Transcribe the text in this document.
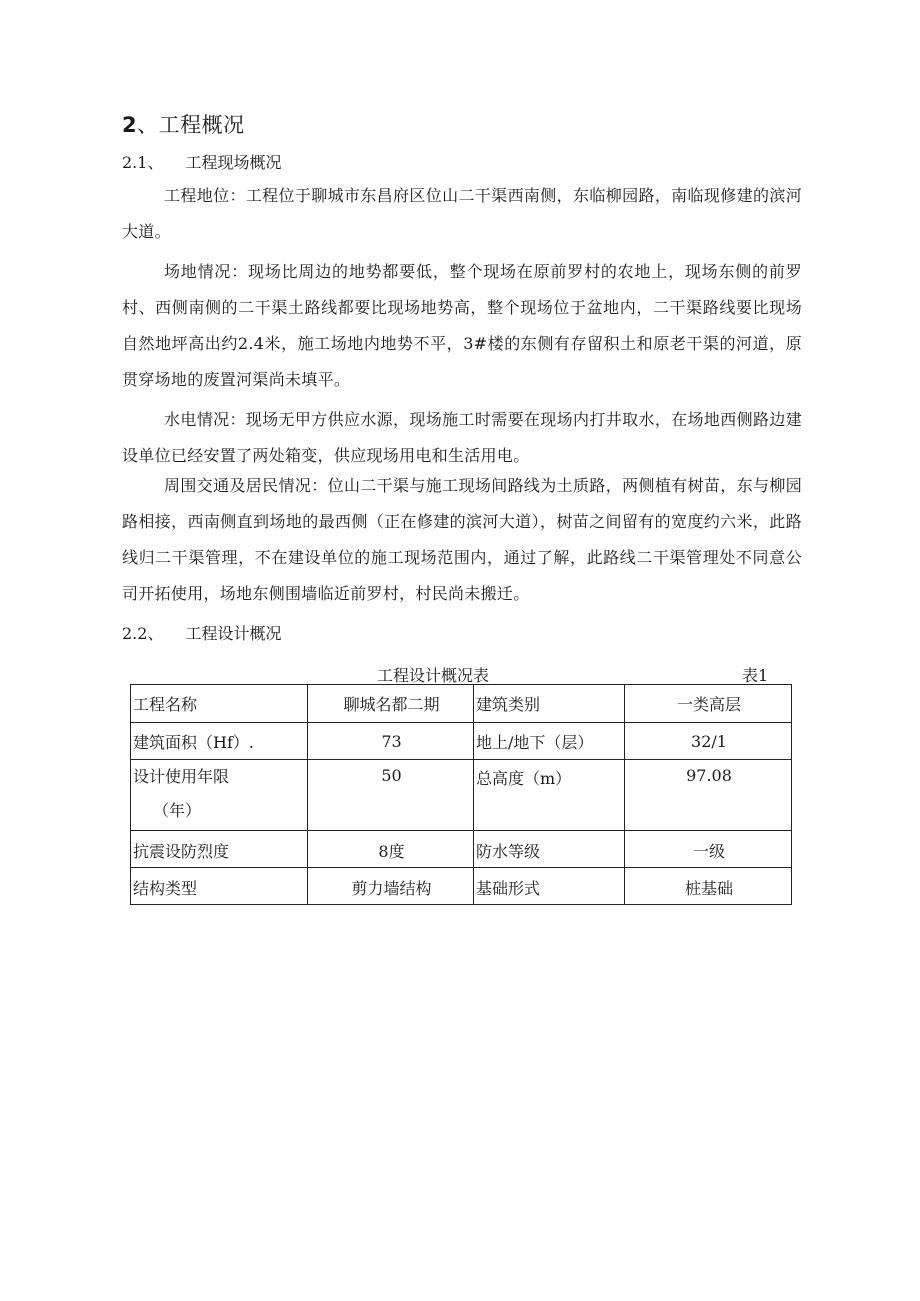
2、工程概况
2.1、 工程现场概况

工程地位：工程位于聊城市东昌府区位山二干渠西南侧，东临柳园路，南临现修建的滨河大道。

场地情况：现场比周边的地势都要低，整个现场在原前罗村的农地上，现场东侧的前罗村、西侧南侧的二干渠土路线都要比现场地势高，整个现场位于盆地内，二干渠路线要比现场自然地坪高出约2.4米，施工场地内地势不平，3#楼的东侧有存留积土和原老干渠的河道，原贯穿场地的废置河渠尚未填平。

水电情况：现场无甲方供应水源，现场施工时需要在现场内打井取水，在场地西侧路边建设单位已经安置了两处箱变，供应现场用电和生活用电。

周围交通及居民情况：位山二干渠与施工现场间路线为土质路，两侧植有树苗，东与柳园路相接，西南侧直到场地的最西侧（正在修建的滨河大道），树苗之间留有的宽度约六米，此路线归二干渠管理，不在建设单位的施工现场范围内，通过了解，此路线二干渠管理处不同意公司开拓使用，场地东侧围墙临近前罗村，村民尚未搬迁。

2.2、 工程设计概况
工程设计概况表	表1
工程名称	聊城名都二期	建筑类别	一类高层
建筑面积（Hf）.	73	地上/地下（层）	32/1
设计使用年限
（年）	50	总高度（m）	97.08
抗震设防烈度	8度	防水等级	一级
结构类型	剪力墙结构	基础形式	桩基础
